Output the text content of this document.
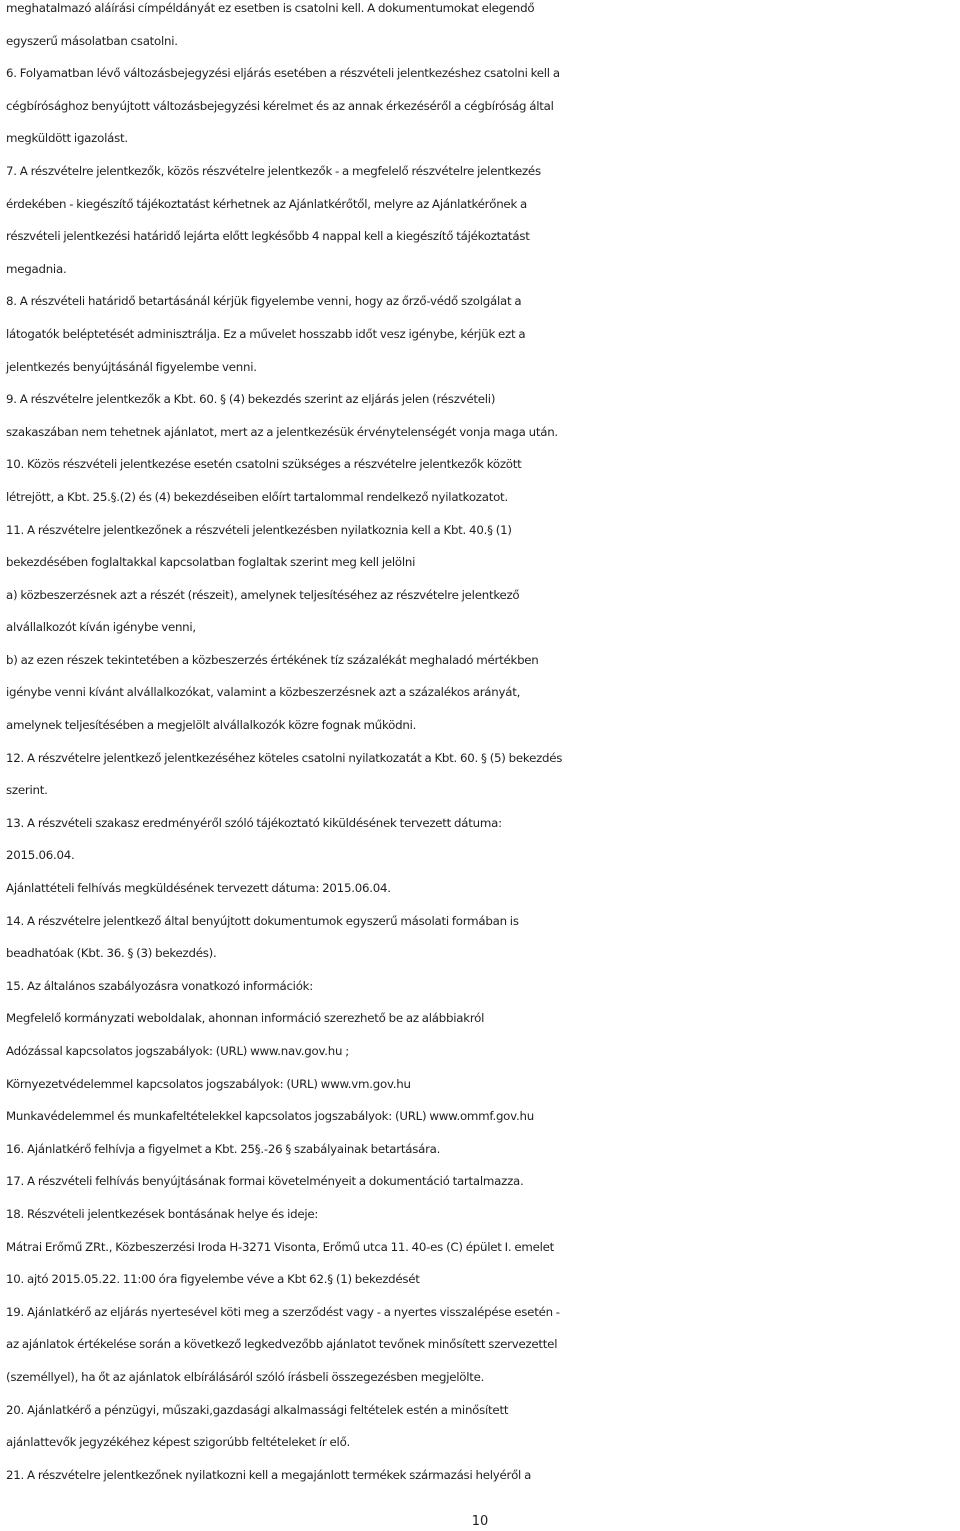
meghatalmazó aláírási címpéldányát ez esetben is csatolni kell. A dokumentumokat elegendő
egyszerű másolatban csatolni.
6. Folyamatban lévő változásbejegyzési eljárás esetében a részvételi jelentkezéshez csatolni kell a
cégbírósághoz benyújtott változásbejegyzési kérelmet és az annak érkezéséről a cégbíróság által
megküldött igazolást.
7. A részvételre jelentkezők, közös részvételre jelentkezők - a megfelelő részvételre jelentkezés
érdekében - kiegészítő tájékoztatást kérhetnek az Ajánlatkérőtől, melyre az Ajánlatkérőnek a
részvételi jelentkezési határidő lejárta előtt legkésőbb 4 nappal kell a kiegészítő tájékoztatást
megadnia.
8. A részvételi határidő betartásánál kérjük figyelembe venni, hogy az őrző-védő szolgálat a
látogatók beléptetését adminisztrálja. Ez a művelet hosszabb időt vesz igénybe, kérjük ezt a
jelentkezés benyújtásánál figyelembe venni.
9. A részvételre jelentkezők a Kbt. 60. § (4) bekezdés szerint az eljárás jelen (részvételi)
szakaszában nem tehetnek ajánlatot, mert az a jelentkezésük érvénytelenségét vonja maga után.
10. Közös részvételi jelentkezése esetén csatolni szükséges a részvételre jelentkezők között
létrejött, a Kbt. 25.§.(2) és (4) bekezdéseiben előírt tartalommal rendelkező nyilatkozatot.
11. A részvételre jelentkezőnek a részvételi jelentkezésben nyilatkoznia kell a Kbt. 40.§ (1)
bekezdésében foglaltakkal kapcsolatban foglaltak szerint meg kell jelölni
a) közbeszerzésnek azt a részét (részeit), amelynek teljesítéséhez az részvételre jelentkező
alvállalkozót kíván igénybe venni,
b) az ezen részek tekintetében a közbeszerzés értékének tíz százalékát meghaladó mértékben
igénybe venni kívánt alvállalkozókat, valamint a közbeszerzésnek azt a százalékos arányát,
amelynek teljesítésében a megjelölt alvállalkozók közre fognak működni.
12. A részvételre jelentkező jelentkezéséhez köteles csatolni nyilatkozatát a Kbt. 60. § (5) bekezdés
szerint.
13. A részvételi szakasz eredményéről szóló tájékoztató kiküldésének tervezett dátuma:
2015.06.04.
Ajánlattételi felhívás megküldésének tervezett dátuma: 2015.06.04.
14. A részvételre jelentkező által benyújtott dokumentumok egyszerű másolati formában is
beadhatóak (Kbt. 36. § (3) bekezdés).
15. Az általános szabályozásra vonatkozó információk:
Megfelelő kormányzati weboldalak, ahonnan információ szerezhető be az alábbiakról
Adózással kapcsolatos jogszabályok: (URL) www.nav.gov.hu ;
Környezetvédelemmel kapcsolatos jogszabályok: (URL) www.vm.gov.hu
Munkavédelemmel és munkafeltételekkel kapcsolatos jogszabályok: (URL) www.ommf.gov.hu
16. Ajánlatkérő felhívja a figyelmet a Kbt. 25§.-26 § szabályainak betartására.
17. A részvételi felhívás benyújtásának formai követelményeit a dokumentáció tartalmazza.
18. Részvételi jelentkezések bontásának helye és ideje:
Mátrai Erőmű ZRt., Közbeszerzési Iroda H-3271 Visonta, Erőmű utca 11. 40-es (C) épület I. emelet
10. ajtó 2015.05.22. 11:00 óra figyelembe véve a Kbt 62.§ (1) bekezdését
19. Ajánlatkérő az eljárás nyertesével köti meg a szerződést vagy - a nyertes visszalépése esetén -
az ajánlatok értékelése során a következő legkedvezőbb ajánlatot tevőnek minősített szervezettel
(személlyel), ha őt az ajánlatok elbírálásáról szóló írásbeli összegezésben megjelölte.
20. Ajánlatkérő a pénzügyi, műszaki,gazdasági alkalmassági feltételek estén a minősített
ajánlattevők jegyzékéhez képest szigorúbb feltételeket ír elő.
21. A részvételre jelentkezőnek nyilatkozni kell a megajánlott termékek származási helyéről a
10
